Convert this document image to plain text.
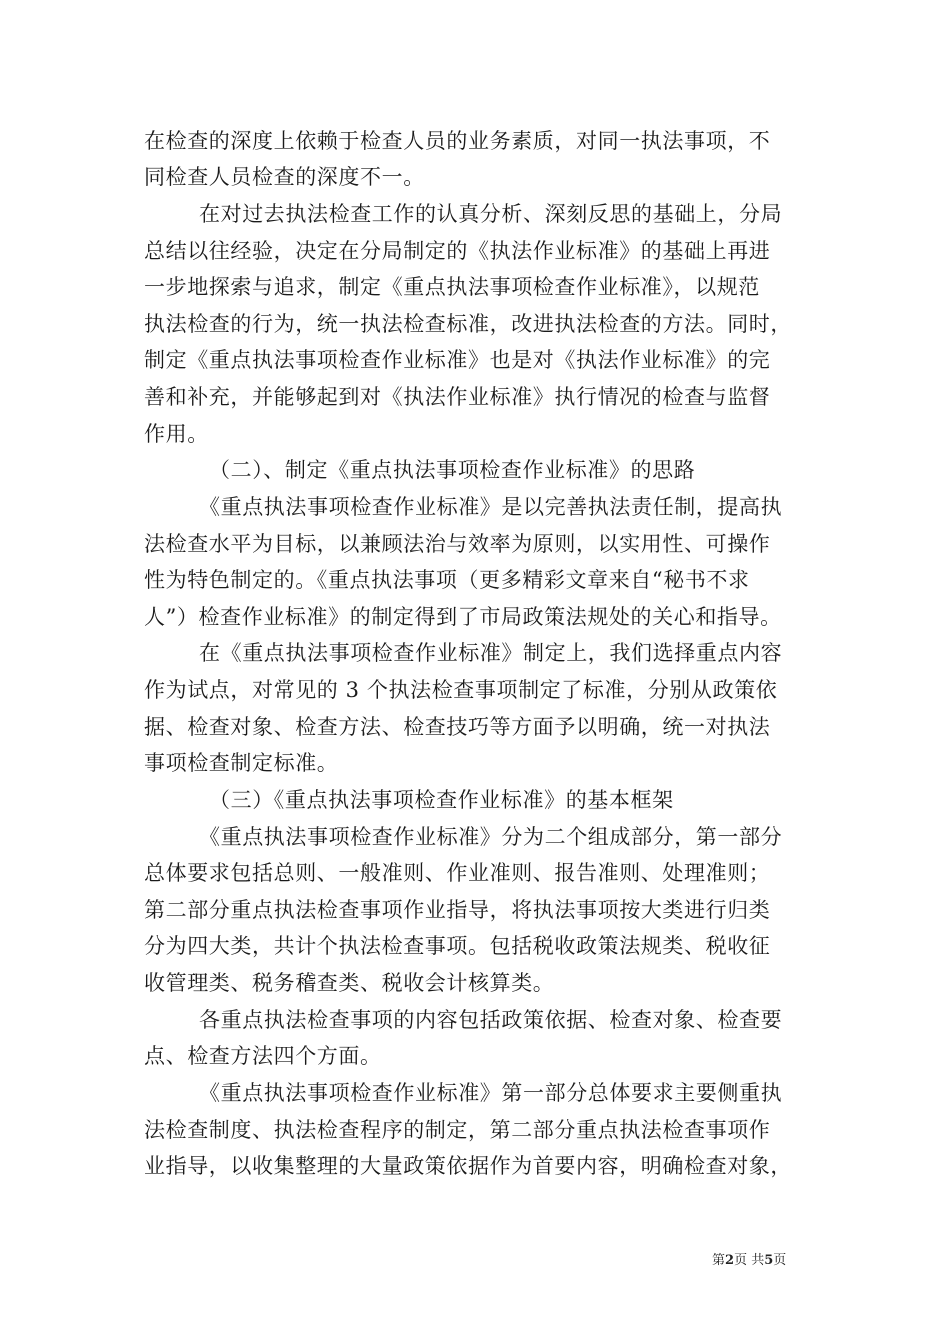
在检查的深度上依赖于检查人员的业务素质，对同一执法事项，不
同检查人员检查的深度不一。
在对过去执法检查工作的认真分析、深刻反思的基础上，分局
总结以往经验，决定在分局制定的《执法作业标准》的基础上再进
一步地探索与追求，制定《重点执法事项检查作业标准》，以规范
执法检查的行为，统一执法检查标准，改进执法检查的方法。同时，
制定《重点执法事项检查作业标准》也是对《执法作业标准》的完
善和补充，并能够起到对《执法作业标准》执行情况的检查与监督
作用。
（二）、制定《重点执法事项检查作业标准》的思路
《重点执法事项检查作业标准》是以完善执法责任制，提高执
法检查水平为目标，以兼顾法治与效率为原则，以实用性、可操作
性为特色制定的。《重点执法事项（更多精彩文章来自“秘书不求
人”）检查作业标准》的制定得到了市局政策法规处的关心和指导。
在《重点执法事项检查作业标准》制定上，我们选择重点内容
作为试点，对常见的 3 个执法检查事项制定了标准，分别从政策依
据、检查对象、检查方法、检查技巧等方面予以明确，统一对执法
事项检查制定标准。
（三）《重点执法事项检查作业标准》的基本框架
《重点执法事项检查作业标准》分为二个组成部分，第一部分
总体要求包括总则、一般准则、作业准则、报告准则、处理准则；
第二部分重点执法检查事项作业指导，将执法事项按大类进行归类
分为四大类，共计个执法检查事项。包括税收政策法规类、税收征
收管理类、税务稽查类、税收会计核算类。
各重点执法检查事项的内容包括政策依据、检查对象、检查要
点、检查方法四个方面。
《重点执法事项检查作业标准》第一部分总体要求主要侧重执
法检查制度、执法检查程序的制定，第二部分重点执法检查事项作
业指导，以收集整理的大量政策依据作为首要内容，明确检查对象，
第2页 共5页
